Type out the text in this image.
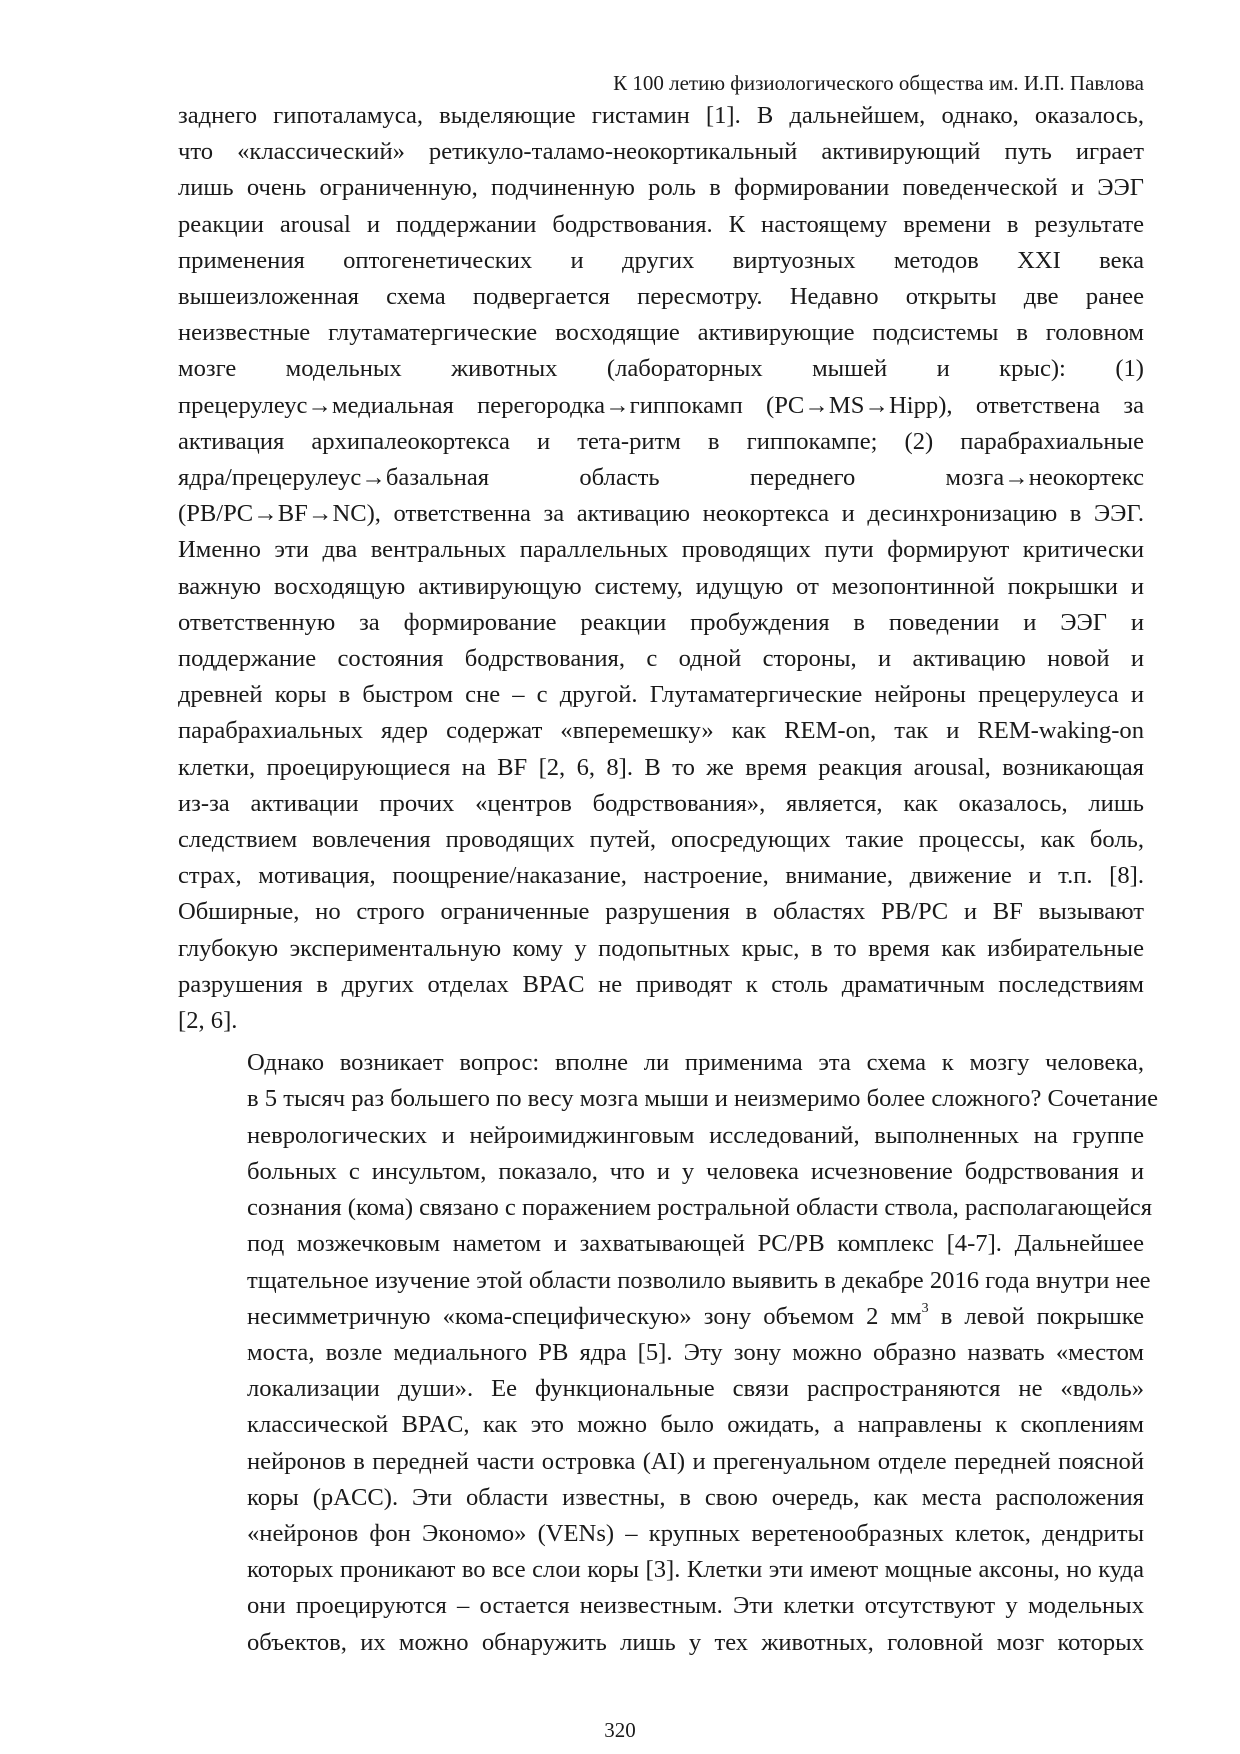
К 100 летию физиологического общества им. И.П. Павлова

заднего гипоталамуса, выделяющие гистамин [1]. В дальнейшем, однако, оказалось,
что «классический» ретикуло-таламо-неокортикальный активирующий путь играет
лишь очень ограниченную, подчиненную роль в формировании поведенческой и ЭЭГ
реакции arousal и поддержании бодрствования. К настоящему времени в результате
применения оптогенетических и других виртуозных методов XXI века
вышеизложенная схема подвергается пересмотру. Недавно открыты две ранее
неизвестные глутаматергические восходящие активирующие подсистемы в головном
мозге модельных животных (лабораторных мышей и крыс): (1)
прецерулеус→медиальная перегородка→гиппокамп (PC→MS→Hipp), ответствена за
активация архипалеокортекса и тета-ритм в гиппокампе; (2) парабрахиальные
ядра/прецерулеус→базальная область переднего мозга→неокортекс
(PB/PC→BF→NC), ответственна за активацию неокортекса и десинхронизацию в ЭЭГ.
Именно эти два вентральных параллельных проводящих пути формируют критически
важную восходящую активирующую систему, идущую от мезопонтинной покрышки и
ответственную за формирование реакции пробуждения в поведении и ЭЭГ и
поддержание состояния бодрствования, с одной стороны, и активацию новой и
древней коры в быстром сне – с другой. Глутаматергические нейроны прецерулеуса и
парабрахиальных ядер содержат «вперемешку» как REM-on, так и REM-waking-on
клетки, проецирующиеся на BF [2, 6, 8]. В то же время реакция arousal, возникающая
из-за активации прочих «центров бодрствования», является, как оказалось, лишь
следствием вовлечения проводящих путей, опосредующих такие процессы, как боль,
страх, мотивация, поощрение/наказание, настроение, внимание, движение и т.п. [8].
Обширные, но строго ограниченные разрушения в областях PB/PC и BF вызывают
глубокую экспериментальную кому у подопытных крыс, в то время как избирательные
разрушения в других отделах BPAC не приводят к столь драматичным последствиям
[2, 6].

Однако возникает вопрос: вполне ли применима эта схема к мозгу человека,
в 5 тысяч раз большего по весу мозга мыши и неизмеримо более сложного? Сочетание
неврологических и нейроимиджинговым исследований, выполненных на группе
больных с инсультом, показало, что и у человека исчезновение бодрствования и
сознания (кома) связано с поражением ростральной области ствола, располагающейся
под мозжечковым наметом и захватывающей PC/PB комплекс [4-7]. Дальнейшее
тщательное изучение этой области позволило выявить в декабре 2016 года внутри нее
несимметричную «кома-специфическую» зону объемом 2 $мм^3$ в левой покрышке
моста, возле медиального PB ядра [5]. Эту зону можно образно назвать «местом
локализации души». Ее функциональные связи распространяются не «вдоль»
классической BPAC, как это можно было ожидать, а направлены к скоплениям
нейронов в передней части островка (AI) и прегенуальном отделе передней поясной
коры (pACC). Эти области известны, в свою очередь, как места расположения
«нейронов фон Экономо» (VENs) – крупных веретенообразных клеток, дендриты
которых проникают во все слои коры [3]. Клетки эти имеют мощные аксоны, но куда
они проецируются – остается неизвестным. Эти клетки отсутствуют у модельных
объектов, их можно обнаружить лишь у тех животных, головной мозг которых

320
